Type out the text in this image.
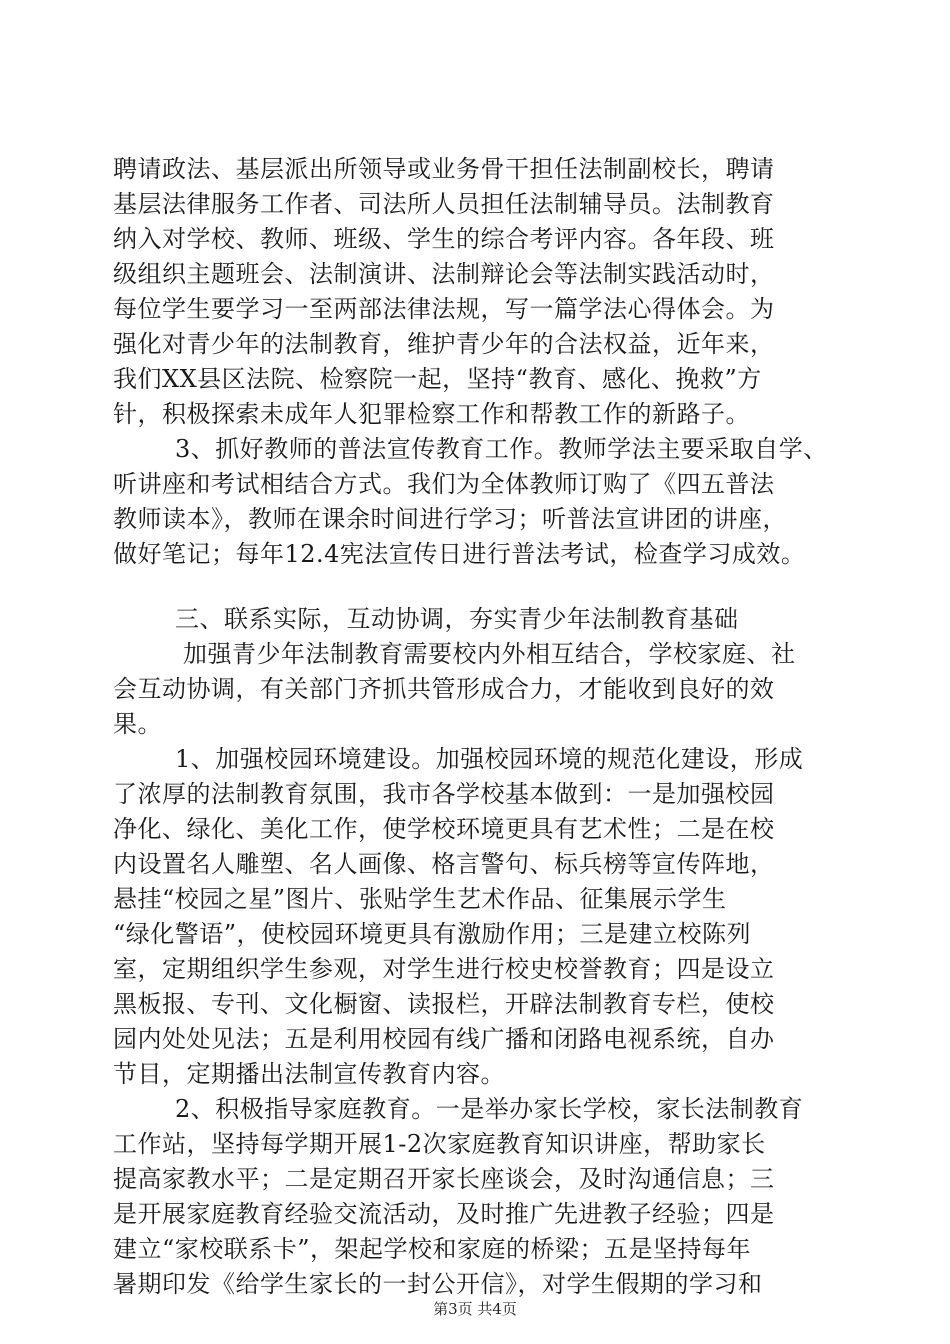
聘请政法、基层派出所领导或业务骨干担任法制副校长，聘请
基层法律服务工作者、司法所人员担任法制辅导员。法制教育
纳入对学校、教师、班级、学生的综合考评内容。各年段、班
级组织主题班会、法制演讲、法制辩论会等法制实践活动时，
每位学生要学习一至两部法律法规，写一篇学法心得体会。为
强化对青少年的法制教育，维护青少年的合法权益，近年来，
我们XX县区法院、检察院一起，坚持“教育、感化、挽救”方
针，积极探索未成年人犯罪检察工作和帮教工作的新路子。
3、抓好教师的普法宣传教育工作。教师学法主要采取自学、
听讲座和考试相结合方式。我们为全体教师订购了《四五普法
教师读本》，教师在课余时间进行学习；听普法宣讲团的讲座，
做好笔记；每年12.4宪法宣传日进行普法考试，检查学习成效。
三、联系实际，互动协调，夯实青少年法制教育基础
加强青少年法制教育需要校内外相互结合，学校家庭、社
会互动协调，有关部门齐抓共管形成合力，才能收到良好的效
果。
1、加强校园环境建设。加强校园环境的规范化建设，形成
了浓厚的法制教育氛围，我市各学校基本做到：一是加强校园
净化、绿化、美化工作，使学校环境更具有艺术性；二是在校
内设置名人雕塑、名人画像、格言警句、标兵榜等宣传阵地，
悬挂“校园之星”图片、张贴学生艺术作品、征集展示学生
“绿化警语”，使校园环境更具有激励作用；三是建立校陈列
室，定期组织学生参观，对学生进行校史校誉教育；四是设立
黑板报、专刊、文化橱窗、读报栏，开辟法制教育专栏，使校
园内处处见法；五是利用校园有线广播和闭路电视系统，自办
节目，定期播出法制宣传教育内容。
2、积极指导家庭教育。一是举办家长学校，家长法制教育
工作站，坚持每学期开展1-2次家庭教育知识讲座，帮助家长
提高家教水平；二是定期召开家长座谈会，及时沟通信息；三
是开展家庭教育经验交流活动，及时推广先进教子经验；四是
建立“家校联系卡”，架起学校和家庭的桥梁；五是坚持每年
暑期印发《给学生家长的一封公开信》，对学生假期的学习和
第3页 共4页
